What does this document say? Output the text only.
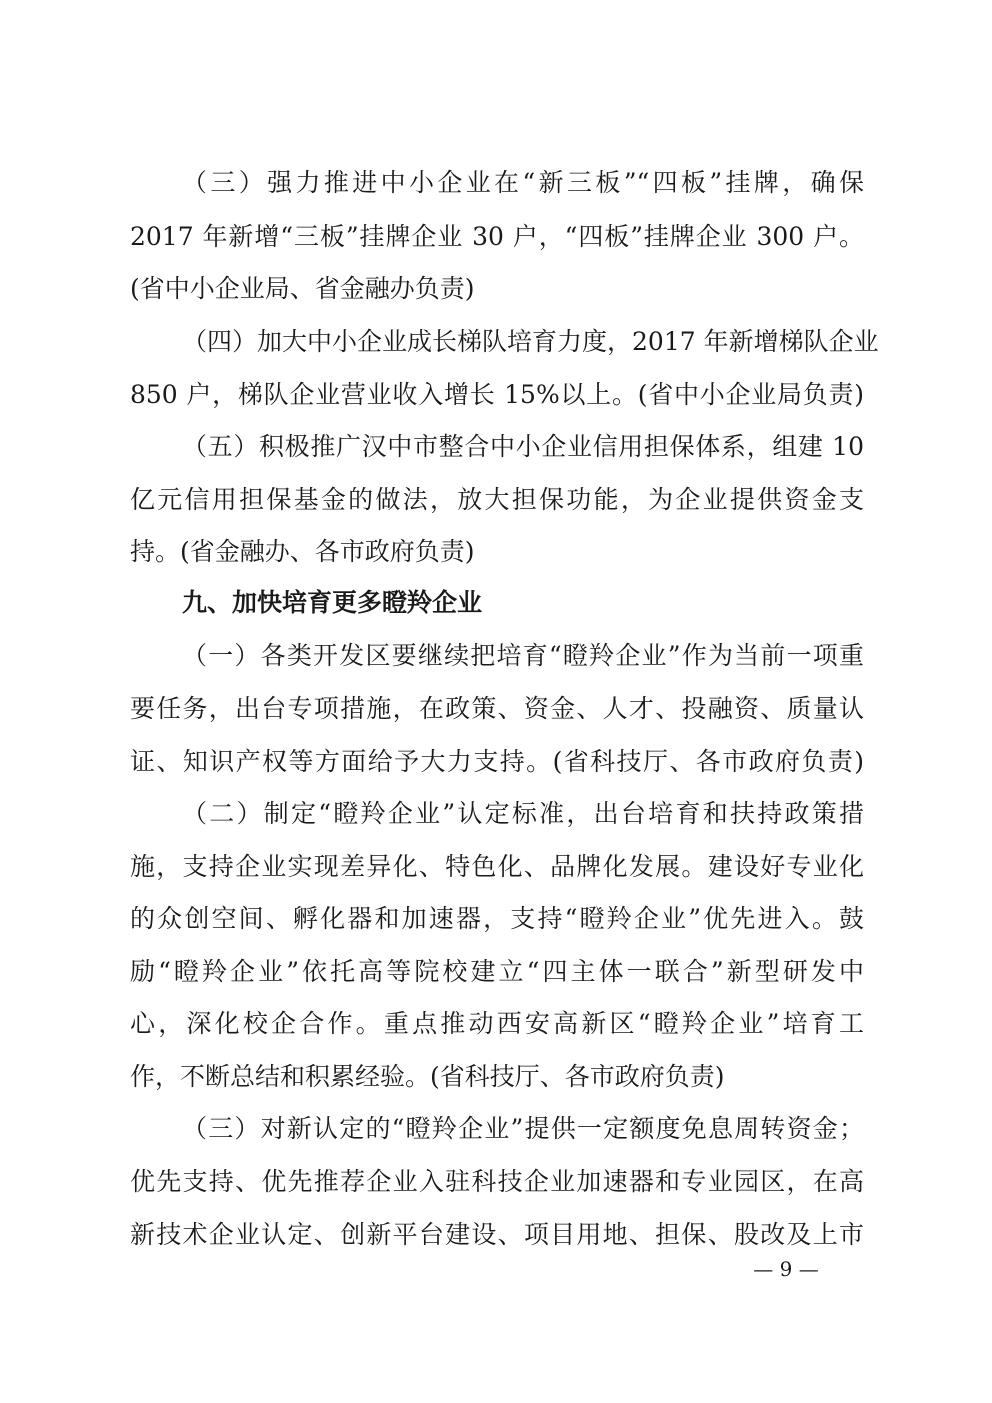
（三）强力推进中小企业在“新三板”“四板”挂牌，确保
2017 年新增“三板”挂牌企业 30 户，“四板”挂牌企业 300 户。
(省中小企业局、省金融办负责)
（四）加大中小企业成长梯队培育力度，2017 年新增梯队企业
850 户，梯队企业营业收入增长 15%以上。(省中小企业局负责)
（五）积极推广汉中市整合中小企业信用担保体系，组建 10
亿元信用担保基金的做法，放大担保功能，为企业提供资金支
持。(省金融办、各市政府负责)
九、加快培育更多瞪羚企业
（一）各类开发区要继续把培育“瞪羚企业”作为当前一项重
要任务，出台专项措施，在政策、资金、人才、投融资、质量认
证、知识产权等方面给予大力支持。(省科技厅、各市政府负责)
（二）制定“瞪羚企业”认定标准，出台培育和扶持政策措
施，支持企业实现差异化、特色化、品牌化发展。建设好专业化
的众创空间、孵化器和加速器，支持“瞪羚企业”优先进入。鼓
励“瞪羚企业”依托高等院校建立“四主体一联合”新型研发中
心，深化校企合作。重点推动西安高新区“瞪羚企业”培育工
作，不断总结和积累经验。(省科技厅、各市政府负责)
（三）对新认定的“瞪羚企业”提供一定额度免息周转资金；
优先支持、优先推荐企业入驻科技企业加速器和专业园区，在高
新技术企业认定、创新平台建设、项目用地、担保、股改及上市
— 9 —
